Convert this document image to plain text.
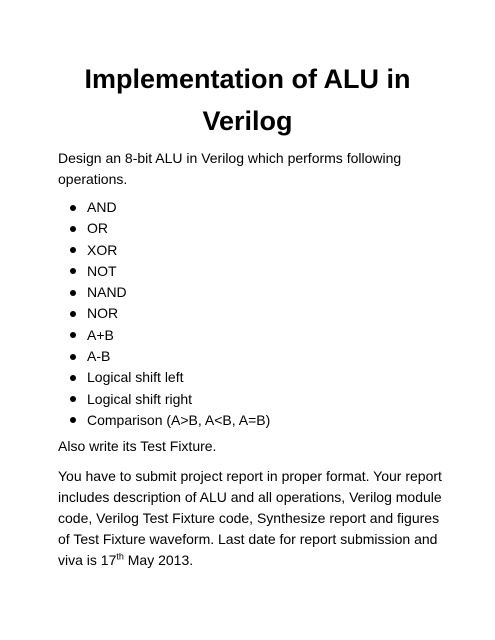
Implementation of ALU in
Verilog

Design an 8-bit ALU in Verilog which performs following operations.

AND
OR
XOR
NOT
NAND
NOR
A+B
A-B
Logical shift left
Logical shift right
Comparison (A>B, A<B, A=B)

Also write its Test Fixture.

You have to submit project report in proper format. Your report includes description of ALU and all operations, Verilog module code, Verilog Test Fixture code, Synthesize report and figures of Test Fixture waveform. Last date for report submission and viva is 17th May 2013.
